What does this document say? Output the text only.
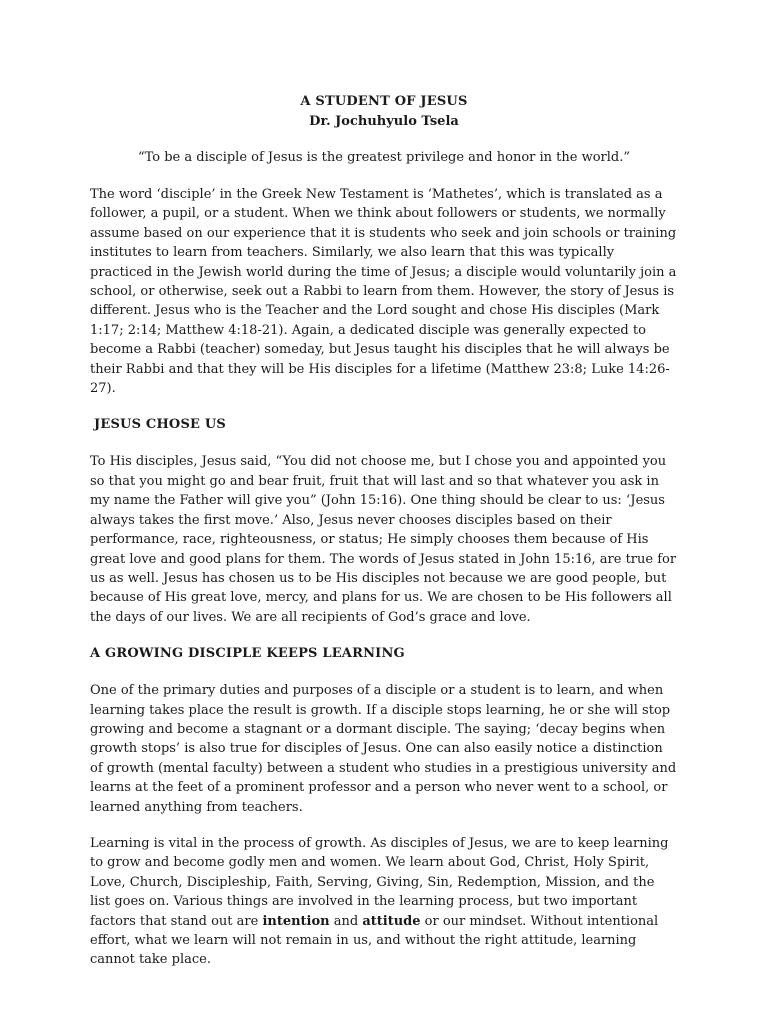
A STUDENT OF JESUS
Dr. Jochuhyulo Tsela
“To be a disciple of Jesus is the greatest privilege and honor in the world.”

The word ‘disciple’ in the Greek New Testament is ‘Mathetes’, which is translated as a follower, a pupil, or a student. When we think about followers or students, we normally assume based on our experience that it is students who seek and join schools or training institutes to learn from teachers. Similarly, we also learn that this was typically practiced in the Jewish world during the time of Jesus; a disciple would voluntarily join a school, or otherwise, seek out a Rabbi to learn from them. However, the story of Jesus is different. Jesus who is the Teacher and the Lord sought and chose His disciples (Mark 1:17; 2:14; Matthew 4:18-21). Again, a dedicated disciple was generally expected to become a Rabbi (teacher) someday, but Jesus taught his disciples that he will always be their Rabbi and that they will be His disciples for a lifetime (Matthew 23:8; Luke 14:26-27).

JESUS CHOSE US

To His disciples, Jesus said, “You did not choose me, but I chose you and appointed you so that you might go and bear fruit, fruit that will last and so that whatever you ask in my name the Father will give you” (John 15:16). One thing should be clear to us: ‘Jesus always takes the first move.’ Also, Jesus never chooses disciples based on their performance, race, righteousness, or status; He simply chooses them because of His great love and good plans for them. The words of Jesus stated in John 15:16, are true for us as well. Jesus has chosen us to be His disciples not because we are good people, but because of His great love, mercy, and plans for us. We are chosen to be His followers all the days of our lives. We are all recipients of God’s grace and love.

A GROWING DISCIPLE KEEPS LEARNING

One of the primary duties and purposes of a disciple or a student is to learn, and when learning takes place the result is growth. If a disciple stops learning, he or she will stop growing and become a stagnant or a dormant disciple. The saying; ‘decay begins when growth stops’ is also true for disciples of Jesus. One can also easily notice a distinction of growth (mental faculty) between a student who studies in a prestigious university and learns at the feet of a prominent professor and a person who never went to a school, or learned anything from teachers.

Learning is vital in the process of growth. As disciples of Jesus, we are to keep learning to grow and become godly men and women. We learn about God, Christ, Holy Spirit, Love, Church, Discipleship, Faith, Serving, Giving, Sin, Redemption, Mission, and the list goes on. Various things are involved in the learning process, but two important factors that stand out are intention and attitude or our mindset. Without intentional effort, what we learn will not remain in us, and without the right attitude, learning cannot take place.
